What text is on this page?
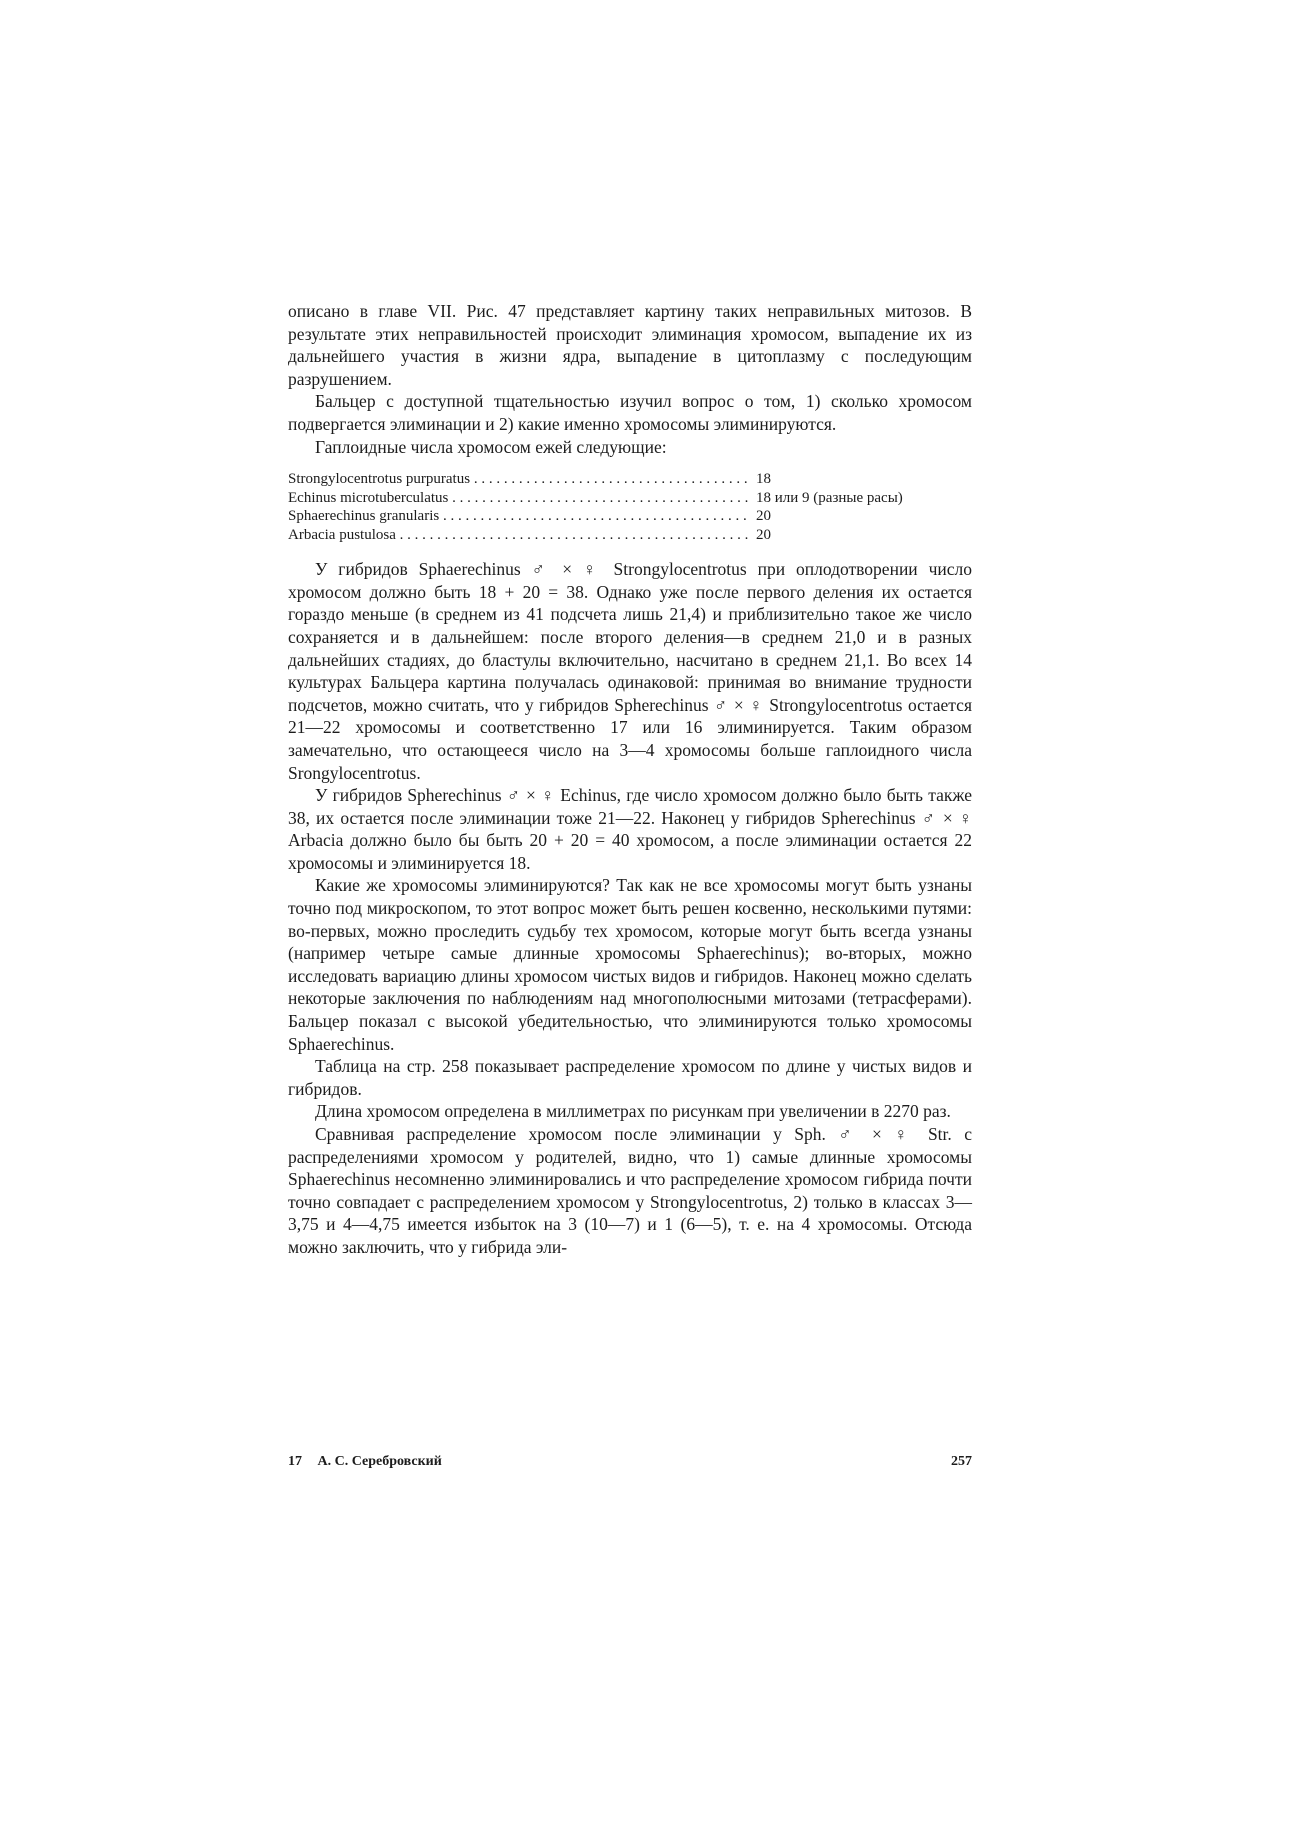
описано в главе VII. Рис. 47 представляет картину таких неправильных митозов. В результате этих неправильностей происходит элиминация хромосом, выпадение их из дальнейшего участия в жизни ядра, выпадение в цитоплазму с последующим разрушением.

Бальцер с доступной тщательностью изучил вопрос о том, 1) сколько хромосом подвергается элиминации и 2) какие именно хромосомы элиминируются.

Гаплоидные числа хромосом ежей следующие:

Strongylocentrotus purpuratus . . .	18
Echinus microtuberculatus . . .	18 или 9 (разные расы)
Sphaerechinus granularis . . .	20
Arbacia pustulosa . . .	20

У гибридов Sphaerechinus ♂ × ♀ Strongylocentrotus при оплодотворении число хромосом должно быть 18 + 20 = 38. Однако уже после первого деления их остается гораздо меньше (в среднем из 41 подсчета лишь 21,4) и приблизительно такое же число сохраняется и в дальнейшем: после второго деления—в среднем 21,0 и в разных дальнейших стадиях, до бластулы включительно, насчитано в среднем 21,1. Во всех 14 культурах Бальцера картина получалась одинаковой: принимая во внимание трудности подсчетов, можно считать, что у гибридов Spherechinus ♂ × ♀ Strongylocentrotus остается 21—22 хромосомы и соответственно 17 или 16 элиминируется. Таким образом замечательно, что остающееся число на 3—4 хромосомы больше гаплоидного числа Srongylocentrotus.

У гибридов Spherechinus ♂ × ♀ Echinus, где число хромосом должно было быть также 38, их остается после элиминации тоже 21—22. Наконец у гибридов Spherechinus ♂ × ♀ Arbacia должно было бы быть 20 + 20 = 40 хромосом, а после элиминации остается 22 хромосомы и элиминируется 18.

Какие же хромосомы элиминируются? Так как не все хромосомы могут быть узнаны точно под микроскопом, то этот вопрос может быть решен косвенно, несколькими путями: во-первых, можно проследить судьбу тех хромосом, которые могут быть всегда узнаны (например четыре самые длинные хромосомы Sphaerechinus); во-вторых, можно исследовать вариацию длины хромосом чистых видов и гибридов. Наконец можно сделать некоторые заключения по наблюдениям над многополюсными митозами (тетрасферами). Бальцер показал с высокой убедительностью, что элиминируются только хромосомы Sphaerechinus.

Таблица на стр. 258 показывает распределение хромосом по длине у чистых видов и гибридов.

Длина хромосом определена в миллиметрах по рисункам при увеличении в 2270 раз.

Сравнивая распределение хромосом после элиминации у Sph. ♂ × ♀ Str. с распределениями хромосом у родителей, видно, что 1) самые длинные хромосомы Sphaerechinus несомненно элиминировались и что распределение хромосом гибрида почти точно совпадает с распределением хромосом у Strongylocentrotus, 2) только в классах 3—3,75 и 4—4,75 имеется избыток на 3 (10—7) и 1 (6—5), т. е. на 4 хромосомы. Отсюда можно заключить, что у гибрида эли-

17 А. С. Серебровский	257
